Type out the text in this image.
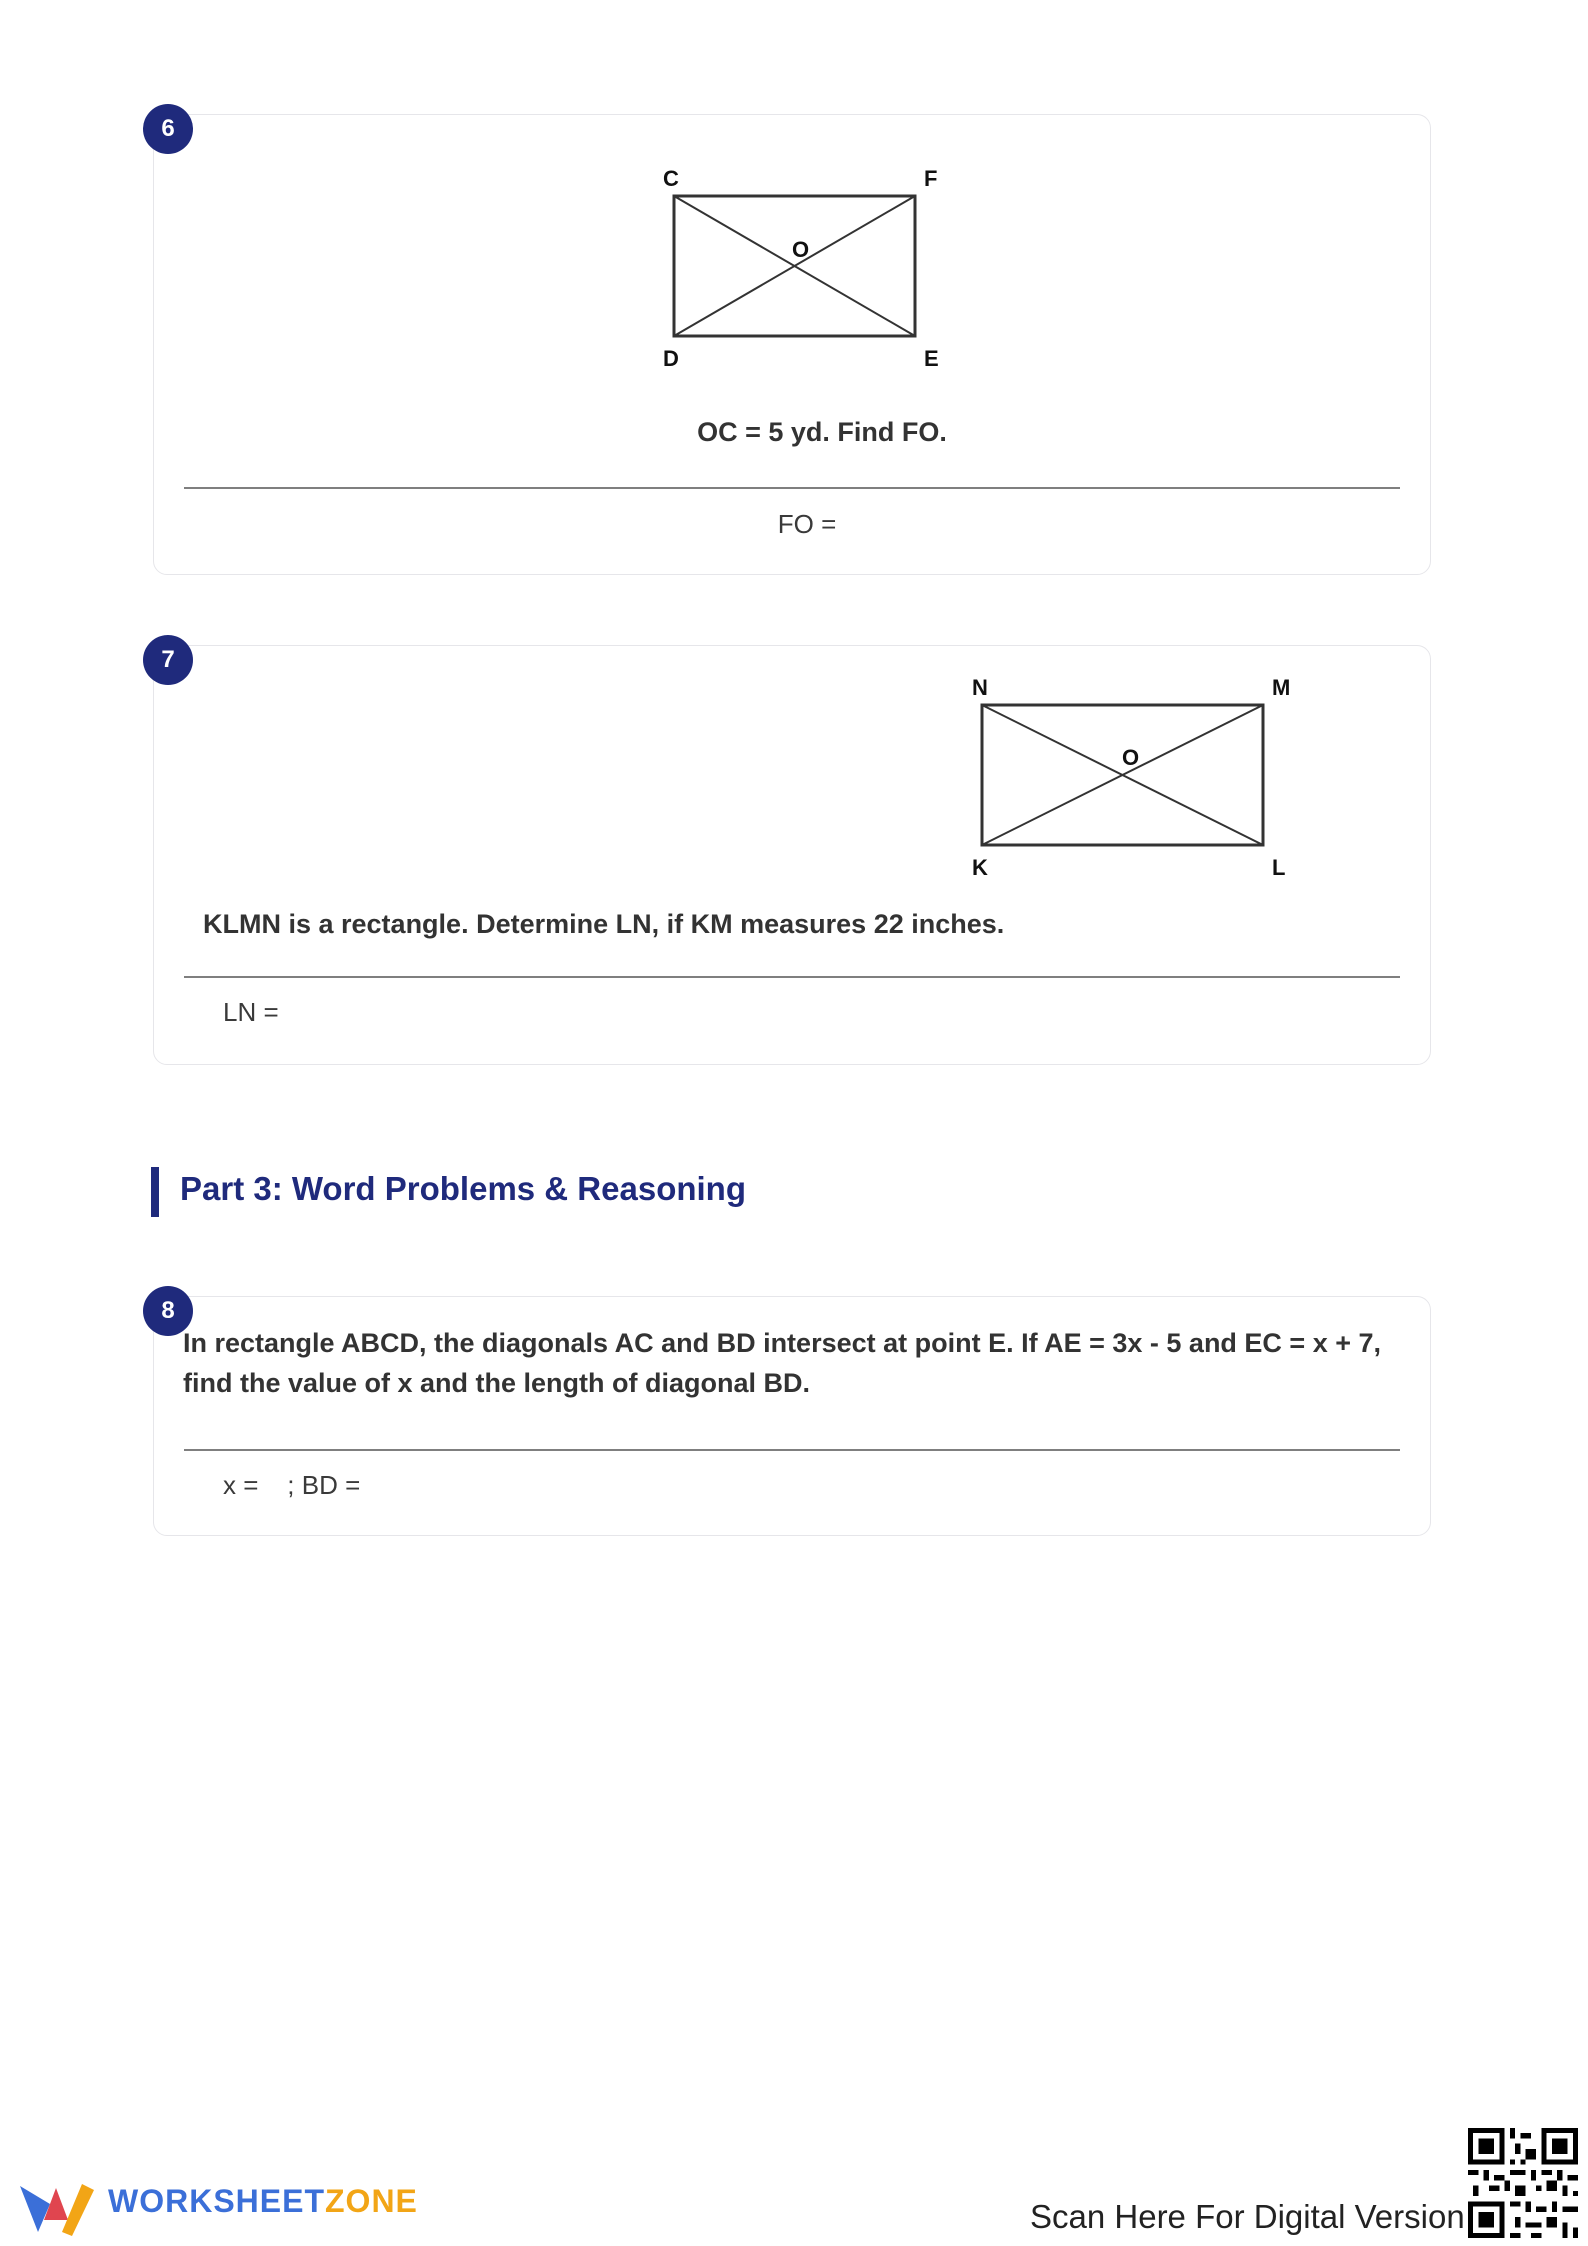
C	F
D	E
O
OC = 5 yd. Find FO.
FO =
6
N	M
K	L
O
KLMN is a rectangle. Determine LN, if KM measures 22 inches.
LN =
7
Part 3: Word Problems & Reasoning
In rectangle ABCD, the diagonals AC and BD intersect at point E. If AE = 3x - 5 and EC = x + 7,
find the value of x and the length of diagonal BD.
x =    ; BD =
8
WORKSHEETZONE	Scan Here For Digital Version
